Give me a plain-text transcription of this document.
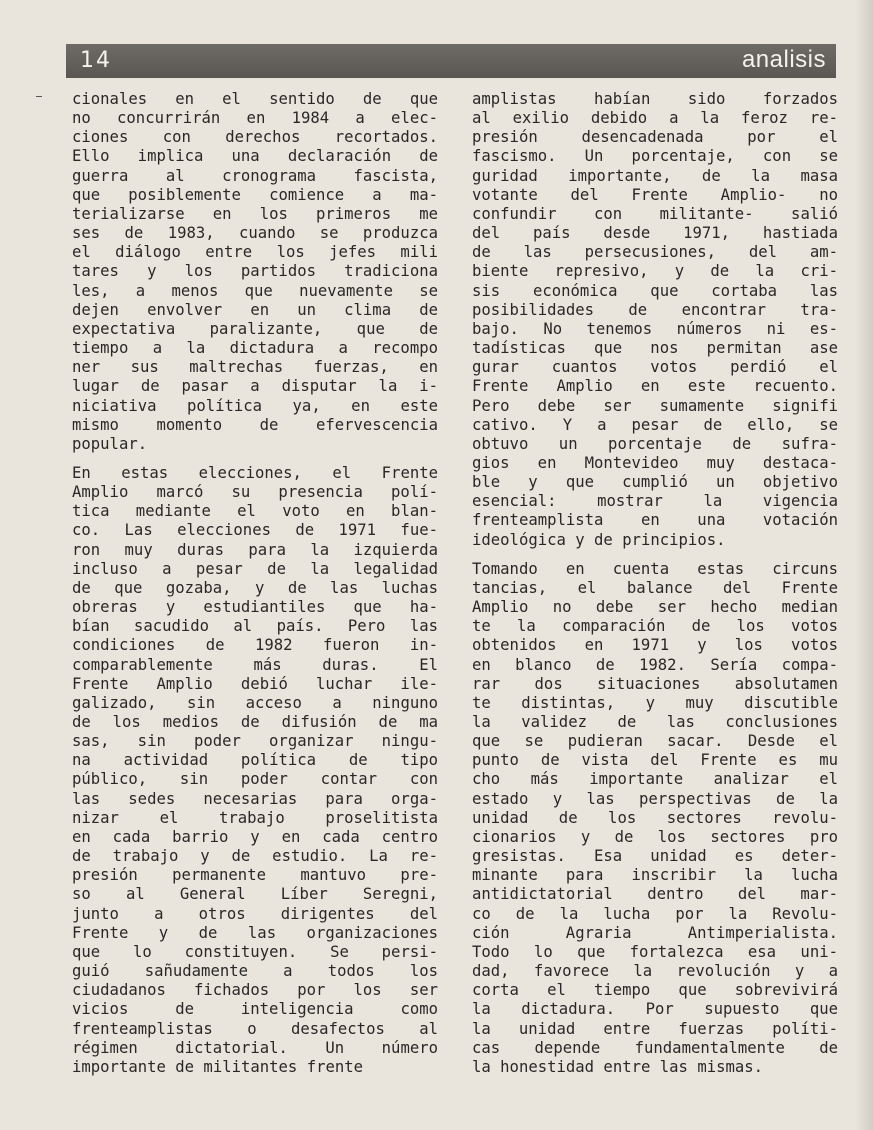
14	analisis

cionales en el sentido de que

no concurrirán en 1984 a elec-

ciones con derechos recortados.

Ello implica una declaración de

guerra al cronograma fascista,

que posiblemente comience a ma-

terializarse en los primeros me

ses de 1983, cuando se produzca

el diálogo entre los jefes mili

tares y los partidos tradiciona

les, a menos que nuevamente se

dejen envolver en un clima de

expectativa paralizante, que de

tiempo a la dictadura a recompo

ner sus maltrechas fuerzas, en

lugar de pasar a disputar la i-

niciativa política ya, en este

mismo momento de efervescencia

popular.

En estas elecciones, el Frente

Amplio marcó su presencia polí-

tica mediante el voto en blan-

co. Las elecciones de 1971 fue-

ron muy duras para la izquierda

incluso a pesar de la legalidad

de que gozaba, y de las luchas

obreras y estudiantiles que ha-

bían sacudido al país. Pero las

condiciones de 1982 fueron in-

comparablemente más duras. El

Frente Amplio debió luchar ile-

galizado, sin acceso a ninguno

de los medios de difusión de ma

sas, sin poder organizar ningu-

na actividad política de tipo

público, sin poder contar con

las sedes necesarias para orga-

nizar el trabajo proselitista

en cada barrio y en cada centro

de trabajo y de estudio. La re-

presión permanente mantuvo pre-

so al General Líber Seregni,

junto a otros dirigentes del

Frente y de las organizaciones

que lo constituyen. Se persi-

guió sañudamente a todos los

ciudadanos fichados por los ser

vicios de inteligencia como

frenteamplistas o desafectos al

régimen dictatorial. Un número

importante de militantes frente

amplistas habían sido forzados

al exilio debido a la feroz re-

presión desencadenada por el

fascismo. Un porcentaje, con se

guridad importante, de la masa

votante del Frente Amplio- no

confundir con militante- salió

del país desde 1971, hastiada

de las persecusiones, del am-

biente represivo, y de la cri-

sis económica que cortaba las

posibilidades de encontrar tra-

bajo. No tenemos números ni es-

tadísticas que nos permitan ase

gurar cuantos votos perdió el

Frente Amplio en este recuento.

Pero debe ser sumamente signifi

cativo. Y a pesar de ello, se

obtuvo un porcentaje de sufra-

gios en Montevideo muy destaca-

ble y que cumplió un objetivo

esencial: mostrar la vigencia

frenteamplista en una votación

ideológica y de principios.

Tomando en cuenta estas circuns

tancias, el balance del Frente

Amplio no debe ser hecho median

te la comparación de los votos

obtenidos en 1971 y los votos

en blanco de 1982. Sería compa-

rar dos situaciones absolutamen

te distintas, y muy discutible

la validez de las conclusiones

que se pudieran sacar. Desde el

punto de vista del Frente es mu

cho más importante analizar el

estado y las perspectivas de la

unidad de los sectores revolu-

cionarios y de los sectores pro

gresistas. Esa unidad es deter-

minante para inscribir la lucha

antidictatorial dentro del mar-

co de la lucha por la Revolu-

ción Agraria Antimperialista.

Todo lo que fortalezca esa uni-

dad, favorece la revolución y a

corta el tiempo que sobrevivirá

la dictadura. Por supuesto que

la unidad entre fuerzas políti-

cas depende fundamentalmente de

la honestidad entre las mismas.
